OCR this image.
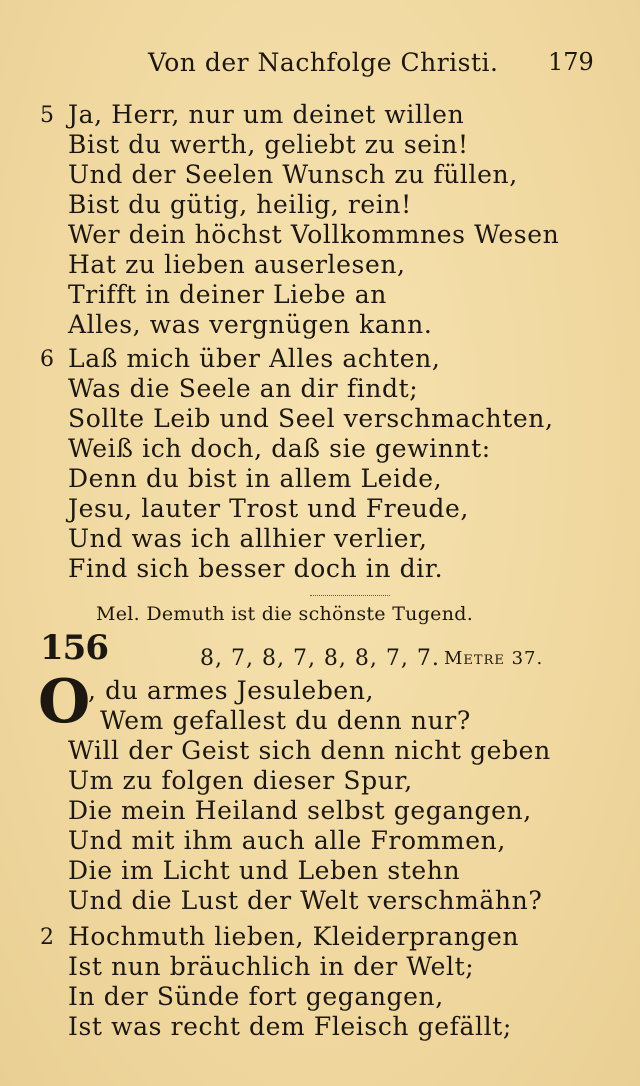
Von der Nachfolge Christi. 179
5 Ja, Herr, nur um deinet willen
Bist du werth, geliebt zu sein!
Und der Seelen Wunsch zu füllen,
Bist du gütig, heilig, rein!
Wer dein höchst Vollkommnes Wesen
Hat zu lieben auserlesen,
Trifft in deiner Liebe an
Alles, was vergnügen kann.
6 Laß mich über Alles achten,
Was die Seele an dir findt;
Sollte Leib und Seel verschmachten,
Weiß ich doch, daß sie gewinnt:
Denn du bist in allem Leide,
Jesu, lauter Trost und Freude,
Und was ich allhier verlier,
Find sich besser doch in dir.
Mel. Demuth ist die schönste Tugend.
156	8, 7, 8, 7, 8, 8, 7, 7. Metre 37.
O
, du armes Jesuleben,
Wem gefallest du denn nur?
Will der Geist sich denn nicht geben
Um zu folgen dieser Spur,
Die mein Heiland selbst gegangen,
Und mit ihm auch alle Frommen,
Die im Licht und Leben stehn
Und die Lust der Welt verschmähn?
2 Hochmuth lieben, Kleiderprangen
Ist nun bräuchlich in der Welt;
In der Sünde fort gegangen,
Ist was recht dem Fleisch gefällt;
